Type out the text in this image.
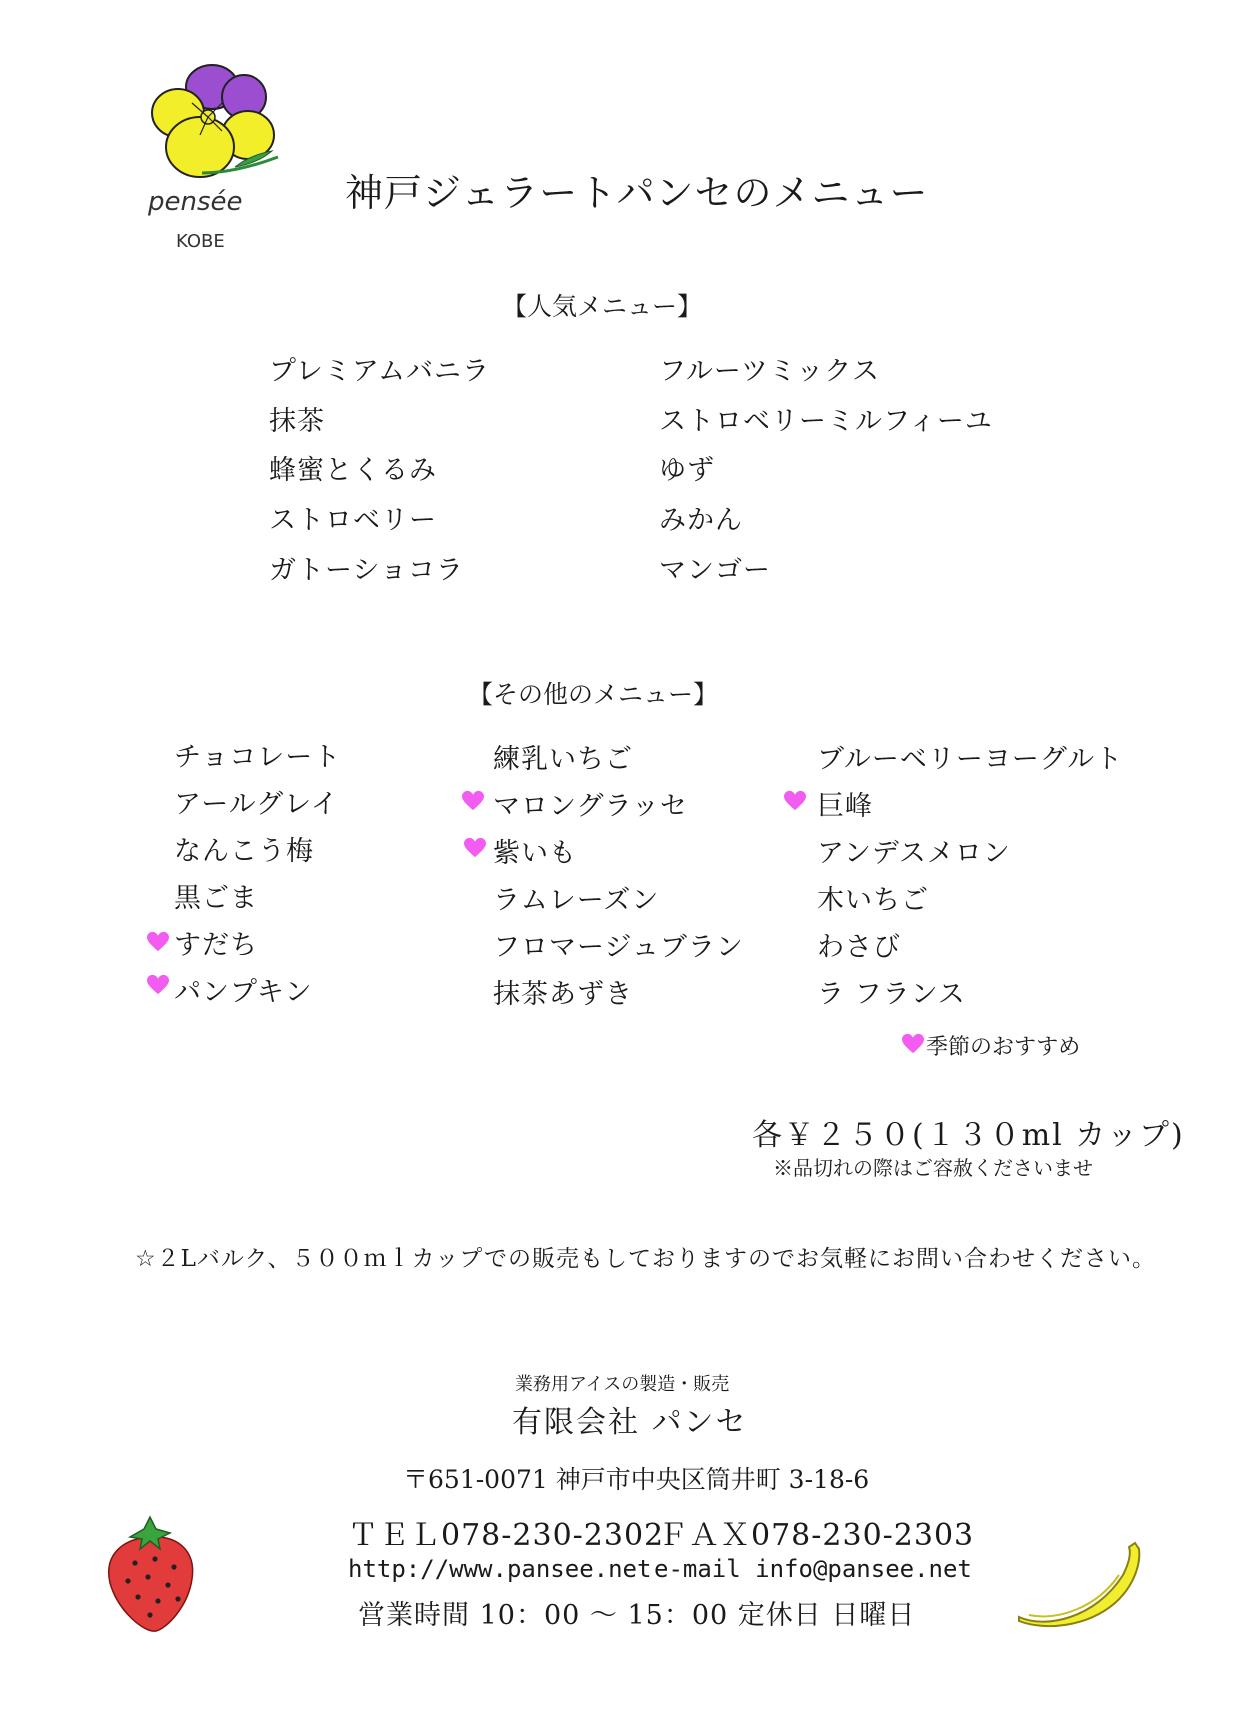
pensée
KOBE
神戸ジェラートパンセのメニュー
【人気メニュー】
プレミアムバニラ
抹茶
蜂蜜とくるみ
ストロベリー
ガトーショコラ
フルーツミックス
ストロベリーミルフィーユ
ゆず
みかん
マンゴー
【その他のメニュー】
チョコレート
アールグレイ
なんこう梅
黒ごま
すだち
パンプキン
練乳いちご
マロングラッセ
紫いも
ラムレーズン
フロマージュブラン
抹茶あずき
ブルーベリーヨーグルト
巨峰
アンデスメロン
木いちご
わさび
ラ フランス
季節のおすすめ
各￥２５０(１３０ml カップ)
※品切れの際はご容赦くださいませ
☆２Lバルク、５００ｍｌカップでの販売もしておりますのでお気軽にお問い合わせください。
業務用アイスの製造・販売
有限会社 パンセ
〒651-0071 神戸市中央区筒井町 3-18-6
ＴＥＬ078-230-2302
ＦＡＸ078-230-2303
http://www.pansee.net e-mail info@pansee.net
営業時間 10：00 ～ 15：00 定休日 日曜日
